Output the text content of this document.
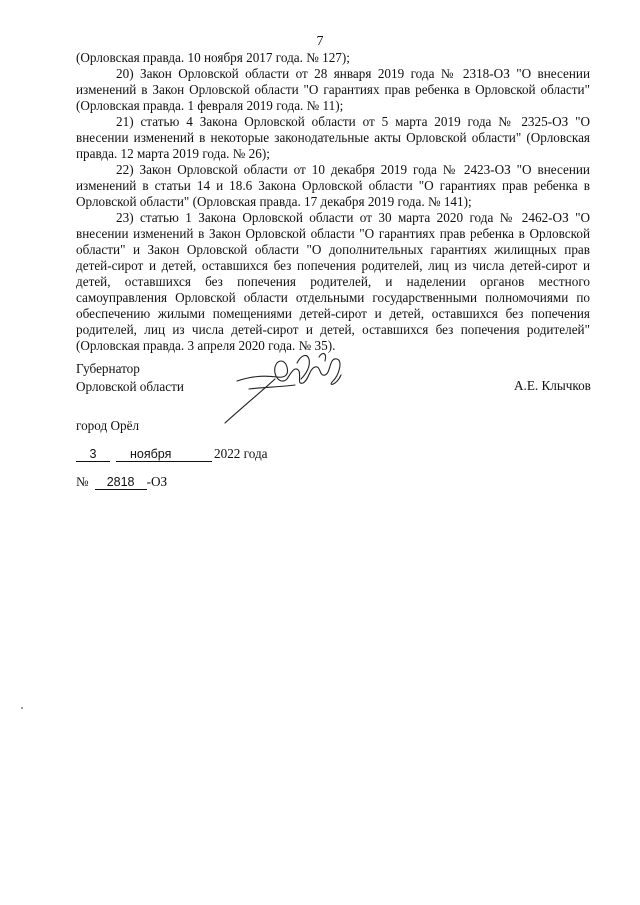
7

(Орловская правда. 10 ноября 2017 года. № 127);

20) Закон Орловской области от 28 января 2019 года № 2318-ОЗ "О внесении изменений в Закон Орловской области "О гарантиях прав ребенка в Орловской области" (Орловская правда. 1 февраля 2019 года. № 11);

21) статью 4 Закона Орловской области от 5 марта 2019 года № 2325-ОЗ "О внесении изменений в некоторые законодательные акты Орловской области" (Орловская правда. 12 марта 2019 года. № 26);

22) Закон Орловской области от 10 декабря 2019 года № 2423-ОЗ "О внесении изменений в статьи 14 и 18.6 Закона Орловской области "О гарантиях прав ребенка в Орловской области" (Орловская правда. 17 декабря 2019 года. № 141);

23) статью 1 Закона Орловской области от 30 марта 2020 года № 2462-ОЗ "О внесении изменений в Закон Орловской области "О гарантиях прав ребенка в Орловской области" и Закон Орловской области "О дополнительных гарантиях жилищных прав детей-сирот и детей, оставшихся без попечения родителей, лиц из числа детей-сирот и детей, оставшихся без попечения родителей, и наделении органов местного самоуправления Орловской области отдельными государственными полномочиями по обеспечению жилыми помещениями детей-сирот и детей, оставшихся без попечения родителей, лиц из числа детей-сирот и детей, оставшихся без попечения родителей" (Орловская правда. 3 апреля 2020 года. № 35).

Губернатор
Орловской области	А.Е. Клычков
город Орёл
3	ноября	2022 года
№ 2818 -ОЗ
